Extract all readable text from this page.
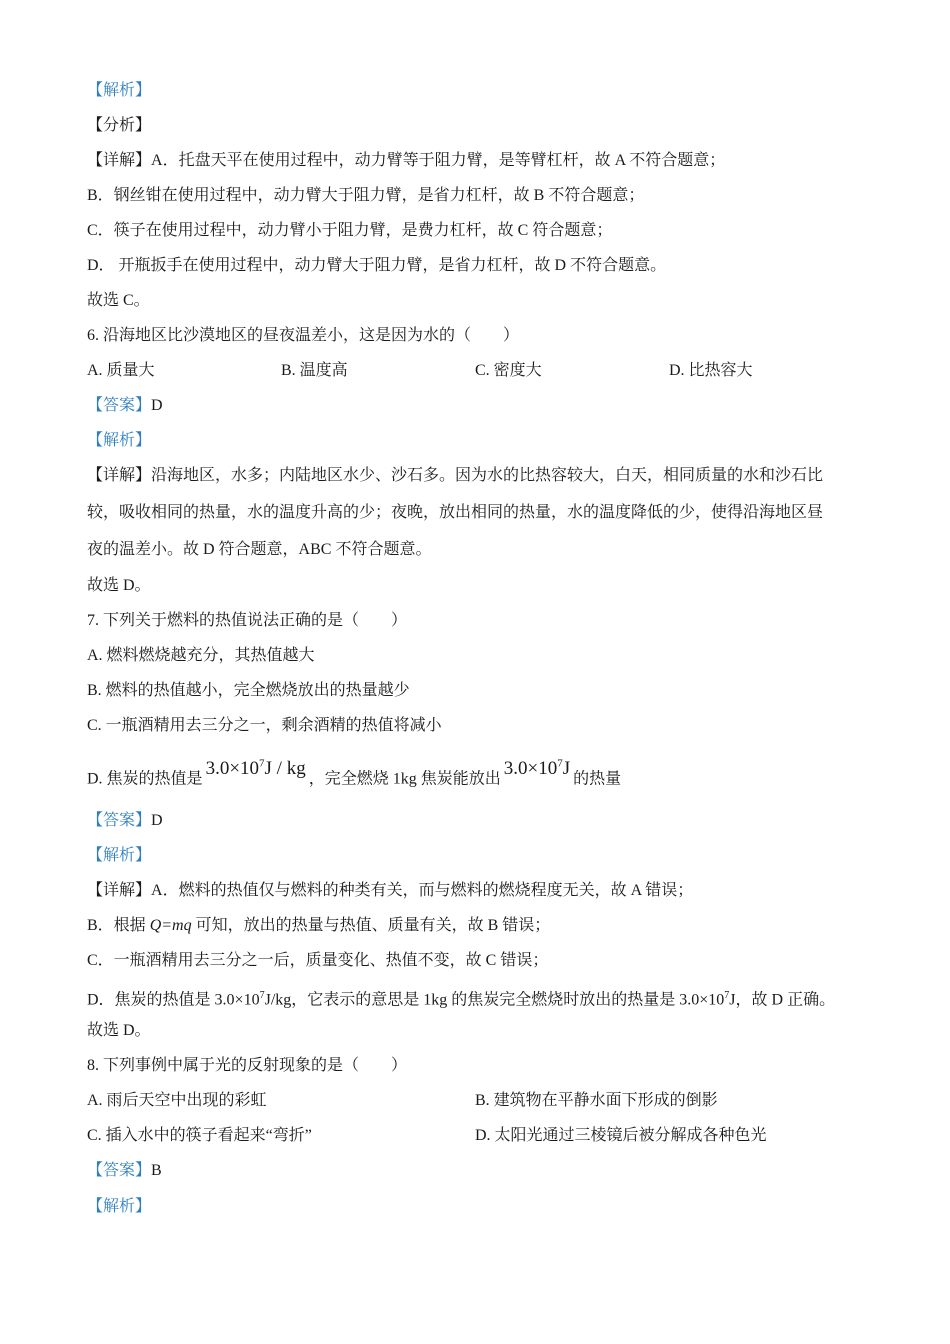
【解析】
【分析】
【详解】A．托盘天平在使用过程中，动力臂等于阻力臂，是等臂杠杆，故 A 不符合题意；
B．钢丝钳在使用过程中，动力臂大于阻力臂，是省力杠杆，故 B 不符合题意；
C．筷子在使用过程中，动力臂小于阻力臂，是费力杠杆，故 C 符合题意；
D． 开瓶扳手在使用过程中，动力臂大于阻力臂，是省力杠杆，故 D 不符合题意。
故选 C。
6. 沿海地区比沙漠地区的昼夜温差小，这是因为水的（　　）
A. 质量大	B. 温度高	C. 密度大	D. 比热容大
【答案】D
【解析】
【详解】沿海地区，水多；内陆地区水少、沙石多。因为水的比热容较大，白天，相同质量的水和沙石比
较，吸收相同的热量，水的温度升高的少；夜晚，放出相同的热量，水的温度降低的少，使得沿海地区昼
夜的温差小。故 D 符合题意，ABC 不符合题意。
故选 D。
7. 下列关于燃料的热值说法正确的是（　　）
A. 燃料燃烧越充分，其热值越大
B. 燃料的热值越小，完全燃烧放出的热量越少
C. 一瓶酒精用去三分之一，剩余酒精的热值将减小
D. 焦炭的热值是 $3.0\times 10^7J$ / kg ，完全燃烧 1kg 焦炭能放出 $3.0\times 10^7J$ 的热量
【答案】D
【解析】
【详解】A．燃料的热值仅与燃料的种类有关，而与燃料的燃烧程度无关，故 A 错误；
B．根据 Q=mq 可知，放出的热量与热值、质量有关，故 B 错误；
C．一瓶酒精用去三分之一后，质量变化、热值不变，故 C 错误；
D．焦炭的热值是 $3.0\times 10^7J/kg$，它表示的意思是 1kg 的焦炭完全燃烧时放出的热量是 $3.0\times 10^7J$，故 D 正确。
故选 D。
8. 下列事例中属于光的反射现象的是（　　）
A. 雨后天空中出现的彩虹	B. 建筑物在平静水面下形成的倒影
C. 插入水中的筷子看起来“弯折”	D. 太阳光通过三棱镜后被分解成各种色光
【答案】B
【解析】
